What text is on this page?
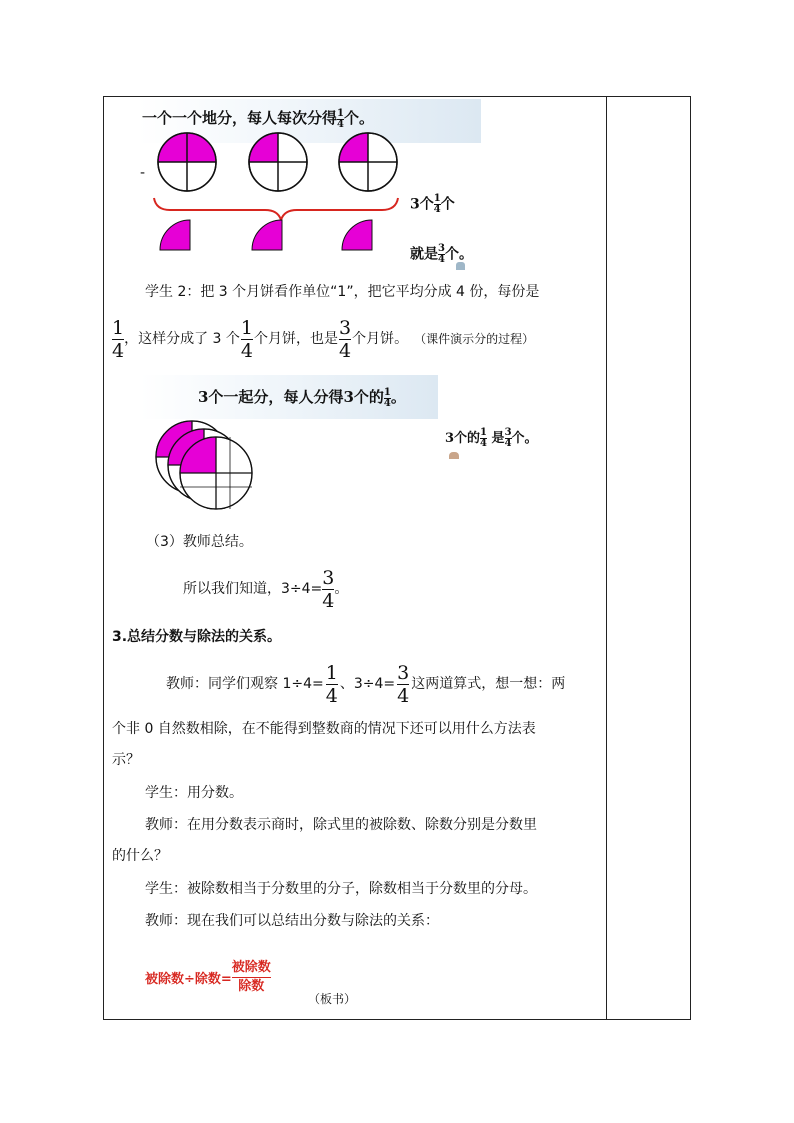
一个一个地分，每人每次分得$\frac{1}{4}$个。
-
3个$\frac{1}{4}$个
就是$\frac{3}{4}$个。
学生 2：把 3 个月饼看作单位“1”，把它平均分成 4 份，每份是
$\frac{1}{4}$ ，这样分成了 3 个 $\frac{1}{4}$ 个月饼，也是 $\frac{3}{4}$ 个月饼。 （课件演示分的过程）
3个一起分，每人分得3个的$\frac{1}{4}$。
3个的$\frac{1}{4}$ 是$\frac{3}{4}$个。
（3）教师总结。
所以我们知道，$3\div 4= \frac{3}{4}$ 。
3.总结分数与除法的关系。
教师：同学们观察 $1\div 4= \frac{1}{4}$ 、$3\div 4= \frac{3}{4}$ 这两道算式，想一想：两
个非 0 自然数相除，在不能得到整数商的情况下还可以用什么方法表
示？
学生：用分数。
教师：在用分数表示商时，除式里的被除数、除数分别是分数里
的什么？
学生：被除数相当于分数里的分子，除数相当于分数里的分母。
教师：现在我们可以总结出分数与除法的关系：
被除数÷除数=
被除数
除数
（板书）
